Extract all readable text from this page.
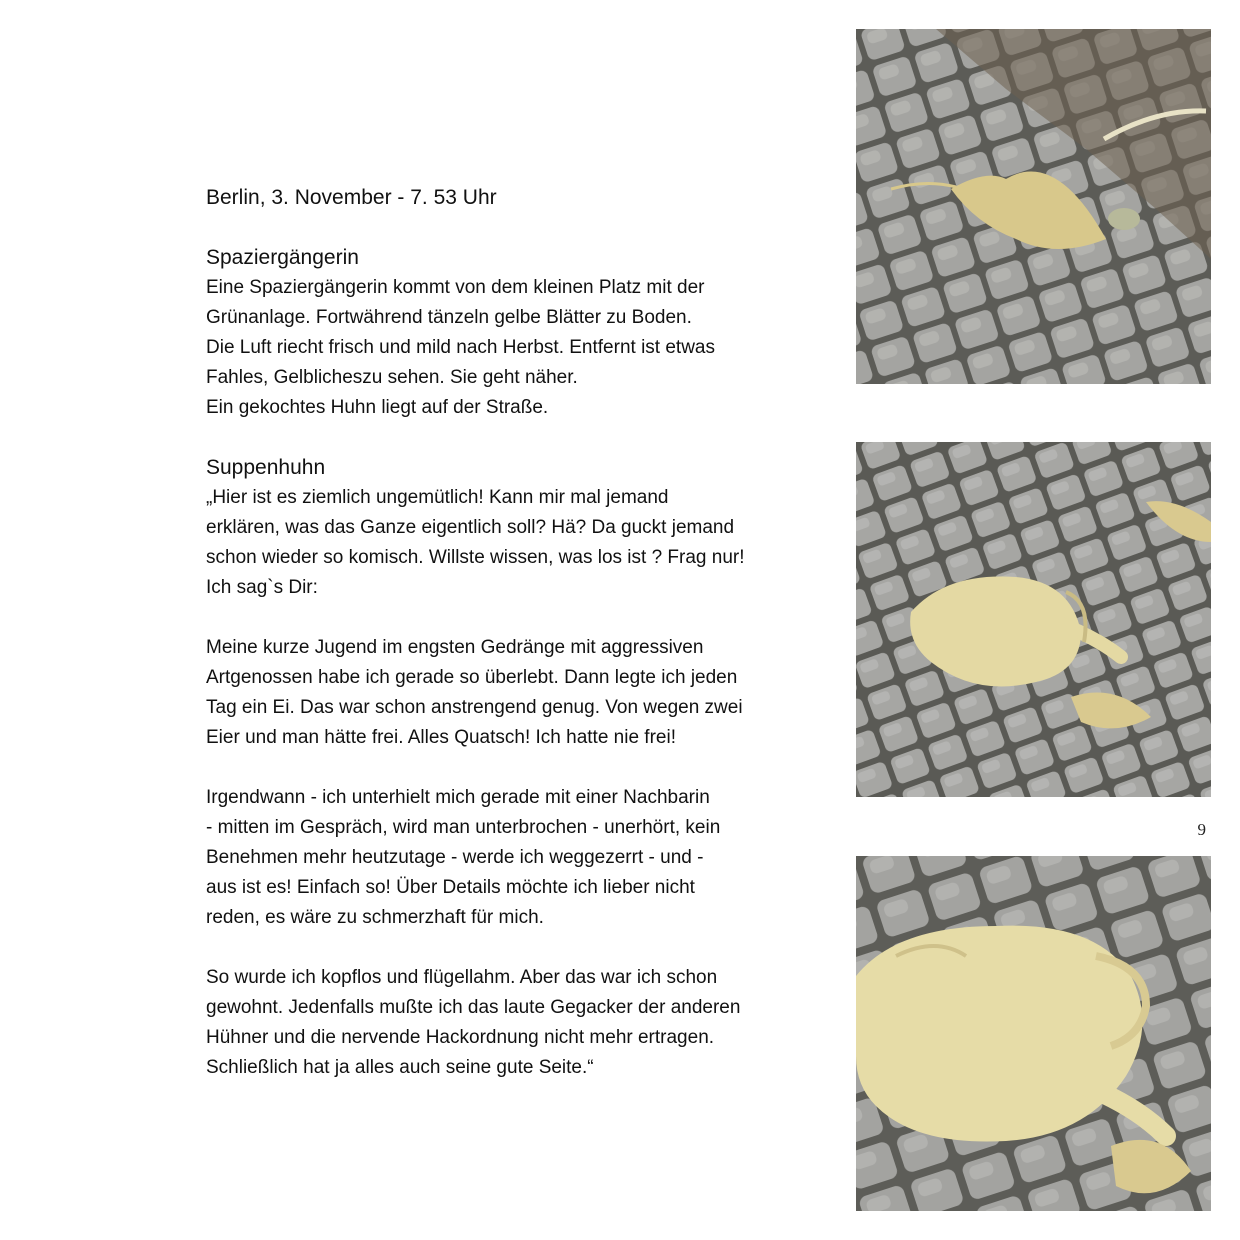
Berlin, 3. November - 7. 53 Uhr
Spaziergängerin

Eine Spaziergängerin kommt von dem kleinen Platz mit der
Grünanlage. Fortwährend tänzeln gelbe Blätter zu Boden.
Die Luft riecht frisch und mild nach Herbst. Entfernt ist etwas
Fahles, Gelblicheszu sehen. Sie geht näher.
Ein gekochtes Huhn liegt auf der Straße.

Suppenhuhn

„Hier ist es ziemlich ungemütlich! Kann mir mal jemand
erklären, was das Ganze eigentlich soll? Hä? Da guckt jemand
schon wieder so komisch. Willste wissen, was los ist ? Frag nur!
Ich sag`s Dir:

Meine kurze Jugend im engsten Gedränge mit aggressiven
Artgenossen habe ich gerade so überlebt. Dann legte ich jeden
Tag ein Ei. Das war schon anstrengend genug. Von wegen zwei
Eier und man hätte frei. Alles Quatsch! Ich hatte nie frei!

Irgendwann - ich unterhielt mich gerade mit einer Nachbarin
- mitten im Gespräch, wird man unterbrochen - unerhört, kein
Benehmen mehr heutzutage - werde ich weggezerrt - und -
aus ist es! Einfach so! Über Details möchte ich lieber nicht
reden, es wäre zu schmerzhaft für mich.

So wurde ich kopflos und flügellahm. Aber das war ich schon
gewohnt. Jedenfalls mußte ich das laute Gegacker der anderen
Hühner und die nervende Hackordnung nicht mehr ertragen.
Schließlich hat ja alles auch seine gute Seite.“

9
